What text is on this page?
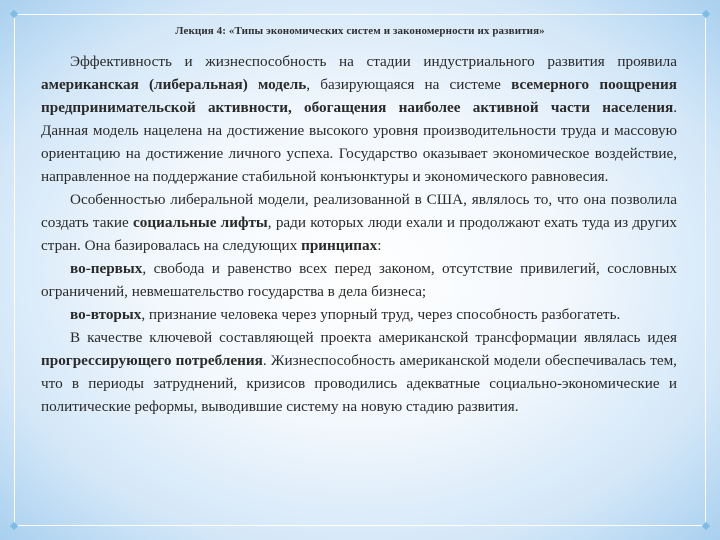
Лекция 4: «Типы экономических систем и закономерности их развития»

Эффективность и жизнеспособность на стадии индустриального развития проявила американская (либеральная) модель, базирующаяся на системе всемерного поощрения предпринимательской активности, обогащения наиболее активной части населения. Данная модель нацелена на достижение высокого уровня производительности труда и массовую ориентацию на достижение личного успеха. Государство оказывает экономическое воздействие, направленное на поддержание стабильной конъюнктуры и экономического равновесия.

Особенностью либеральной модели, реализованной в США, являлось то, что она позволила создать такие социальные лифты, ради которых люди ехали и продолжают ехать туда из других стран. Она базировалась на следующих принципах:

во-первых, свобода и равенство всех перед законом, отсутствие привилегий, сословных ограничений, невмешательство государства в дела бизнеса;

во-вторых, признание человека через упорный труд, через способность разбогатеть.

В качестве ключевой составляющей проекта американской трансформации являлась идея прогрессирующего потребления. Жизнеспособность американской модели обеспечивалась тем, что в периоды затруднений, кризисов проводились адекватные социально-экономические и политические реформы, выводившие систему на новую стадию развития.
